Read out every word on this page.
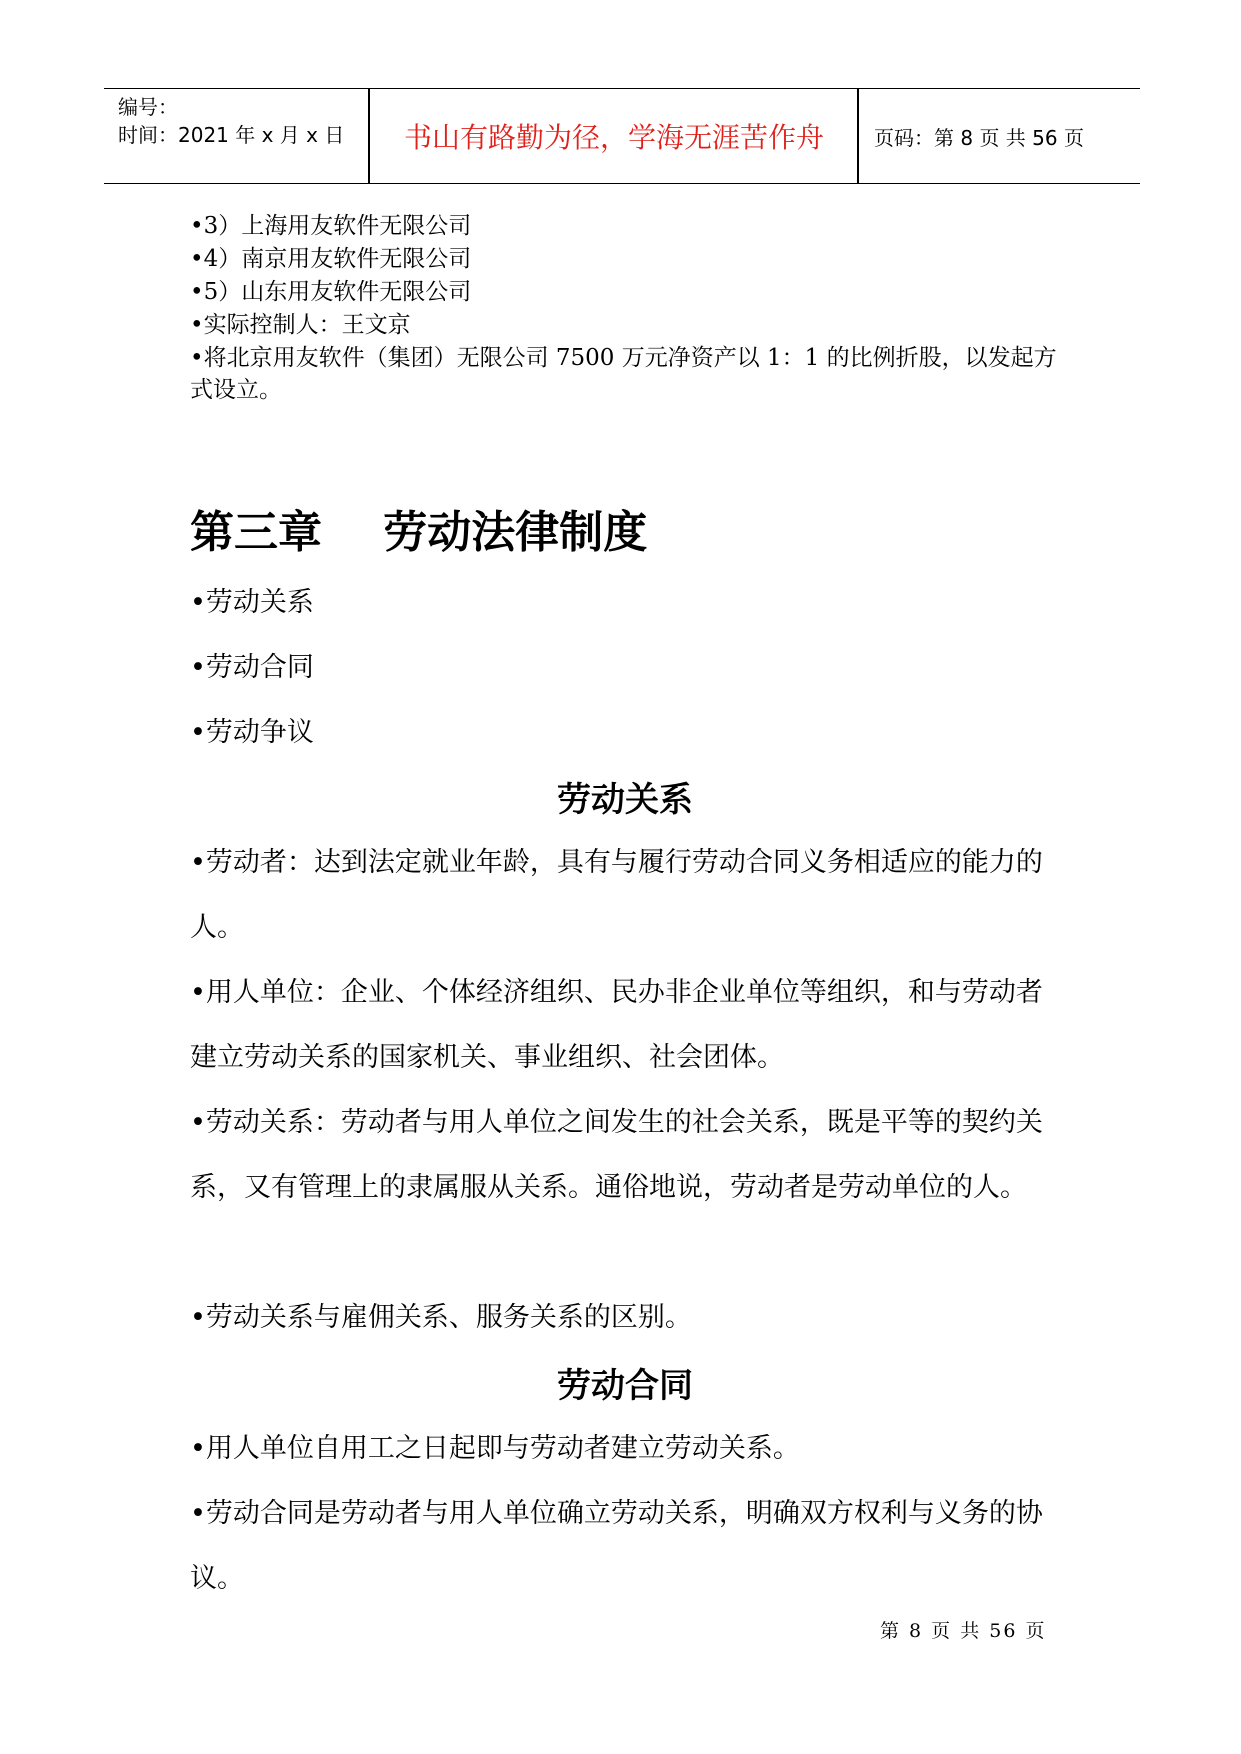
编号：
时间：2021 年 x 月 x 日	书山有路勤为径，学海无涯苦作舟	页码：第 8 页 共 56 页
•3）上海用友软件无限公司
•4）南京用友软件无限公司
•5）山东用友软件无限公司
•实际控制人：王文京
•将北京用友软件（集团）无限公司 7500 万元净资产以 1：1 的比例折股，以发起方式设立。
第三章    劳动法律制度
•劳动关系
•劳动合同
•劳动争议
劳动关系
•劳动者：达到法定就业年龄，具有与履行劳动合同义务相适应的能力的人。
•用人单位：企业、个体经济组织、民办非企业单位等组织，和与劳动者建立劳动关系的国家机关、事业组织、社会团体。
•劳动关系：劳动者与用人单位之间发生的社会关系，既是平等的契约关系，又有管理上的隶属服从关系。通俗地说，劳动者是劳动单位的人。
•劳动关系与雇佣关系、服务关系的区别。
劳动合同
•用人单位自用工之日起即与劳动者建立劳动关系。
•劳动合同是劳动者与用人单位确立劳动关系，明确双方权利与义务的协议。
第 8 页 共 56 页
